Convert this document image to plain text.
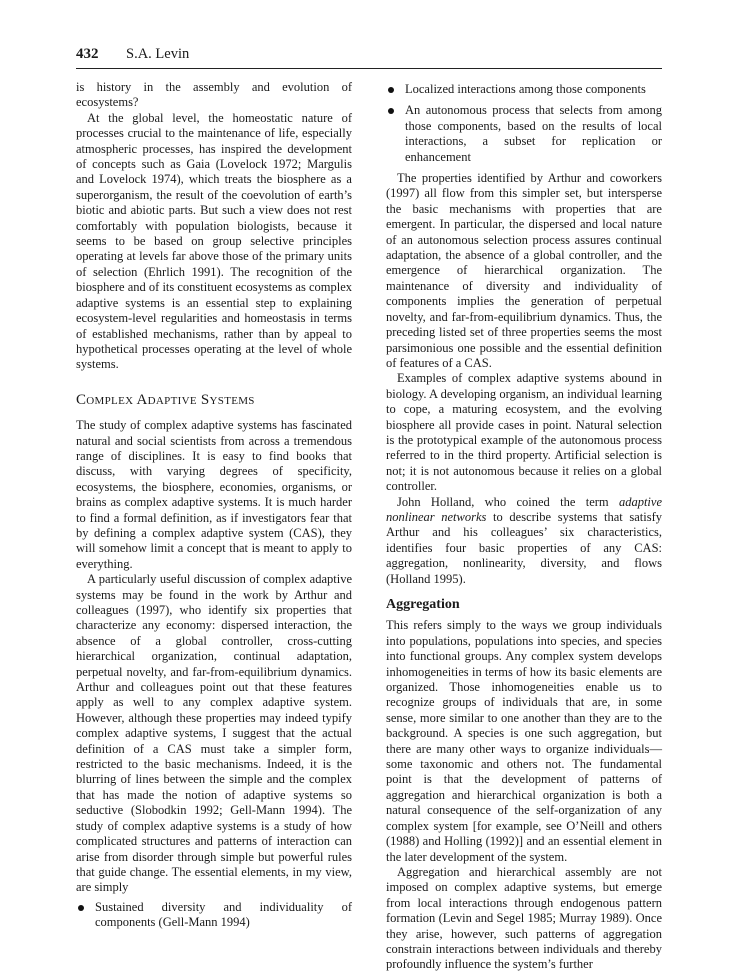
432 S.A. Levin

is history in the assembly and evolution of ecosystems?

At the global level, the homeostatic nature of processes crucial to the maintenance of life, especially atmospheric processes, has inspired the development of concepts such as Gaia (Lovelock 1972; Margulis and Lovelock 1974), which treats the biosphere as a superorganism, the result of the coevolution of earth’s biotic and abiotic parts. But such a view does not rest comfortably with population biologists, because it seems to be based on group selective principles operating at levels far above those of the primary units of selection (Ehrlich 1991). The recognition of the biosphere and of its constituent ecosystems as complex adaptive systems is an essential step to explaining ecosystem-level regularities and homeostasis in terms of established mechanisms, rather than by appeal to hypothetical processes operating at the level of whole systems.

Complex Adaptive Systems

The study of complex adaptive systems has fascinated natural and social scientists from across a tremendous range of disciplines. It is easy to find books that discuss, with varying degrees of specificity, ecosystems, the biosphere, economies, organisms, or brains as complex adaptive systems. It is much harder to find a formal definition, as if investigators fear that by defining a complex adaptive system (CAS), they will somehow limit a concept that is meant to apply to everything.

A particularly useful discussion of complex adaptive systems may be found in the work by Arthur and colleagues (1997), who identify six properties that characterize any economy: dispersed interaction, the absence of a global controller, cross-cutting hierarchical organization, continual adaptation, perpetual novelty, and far-from-equilibrium dynamics. Arthur and colleagues point out that these features apply as well to any complex adaptive system. However, although these properties may indeed typify complex adaptive systems, I suggest that the actual definition of a CAS must take a simpler form, restricted to the basic mechanisms. Indeed, it is the blurring of lines between the simple and the complex that has made the notion of adaptive systems so seductive (Slobodkin 1992; Gell-Mann 1994). The study of complex adaptive systems is a study of how complicated structures and patterns of interaction can arise from disorder through simple but powerful rules that guide change. The essential elements, in my view, are simply

Sustained diversity and individuality of components (Gell-Mann 1994)
Localized interactions among those components
An autonomous process that selects from among those components, based on the results of local interactions, a subset for replication or enhancement

The properties identified by Arthur and coworkers (1997) all flow from this simpler set, but intersperse the basic mechanisms with properties that are emergent. In particular, the dispersed and local nature of an autonomous selection process assures continual adaptation, the absence of a global controller, and the emergence of hierarchical organization. The maintenance of diversity and individuality of components implies the generation of perpetual novelty, and far-from-equilibrium dynamics. Thus, the preceding listed set of three properties seems the most parsimonious one possible and the essential definition of features of a CAS.

Examples of complex adaptive systems abound in biology. A developing organism, an individual learning to cope, a maturing ecosystem, and the evolving biosphere all provide cases in point. Natural selection is the prototypical example of the autonomous process referred to in the third property. Artificial selection is not; it is not autonomous because it relies on a global controller.

John Holland, who coined the term adaptive nonlinear networks to describe systems that satisfy Arthur and his colleagues’ six characteristics, identifies four basic properties of any CAS: aggregation, nonlinearity, diversity, and flows (Holland 1995).

Aggregation

This refers simply to the ways we group individuals into populations, populations into species, and species into functional groups. Any complex system develops inhomogeneities in terms of how its basic elements are organized. Those inhomogeneities enable us to recognize groups of individuals that are, in some sense, more similar to one another than they are to the background. A species is one such aggregation, but there are many other ways to organize individuals—some taxonomic and others not. The fundamental point is that the development of patterns of aggregation and hierarchical organization is both a natural consequence of the self-organization of any complex system [for example, see O’Neill and others (1988) and Holling (1992)] and an essential element in the later development of the system.

Aggregation and hierarchical assembly are not imposed on complex adaptive systems, but emerge from local interactions through endogenous pattern formation (Levin and Segel 1985; Murray 1989). Once they arise, however, such patterns of aggregation constrain interactions between individuals and thereby profoundly influence the system’s further
